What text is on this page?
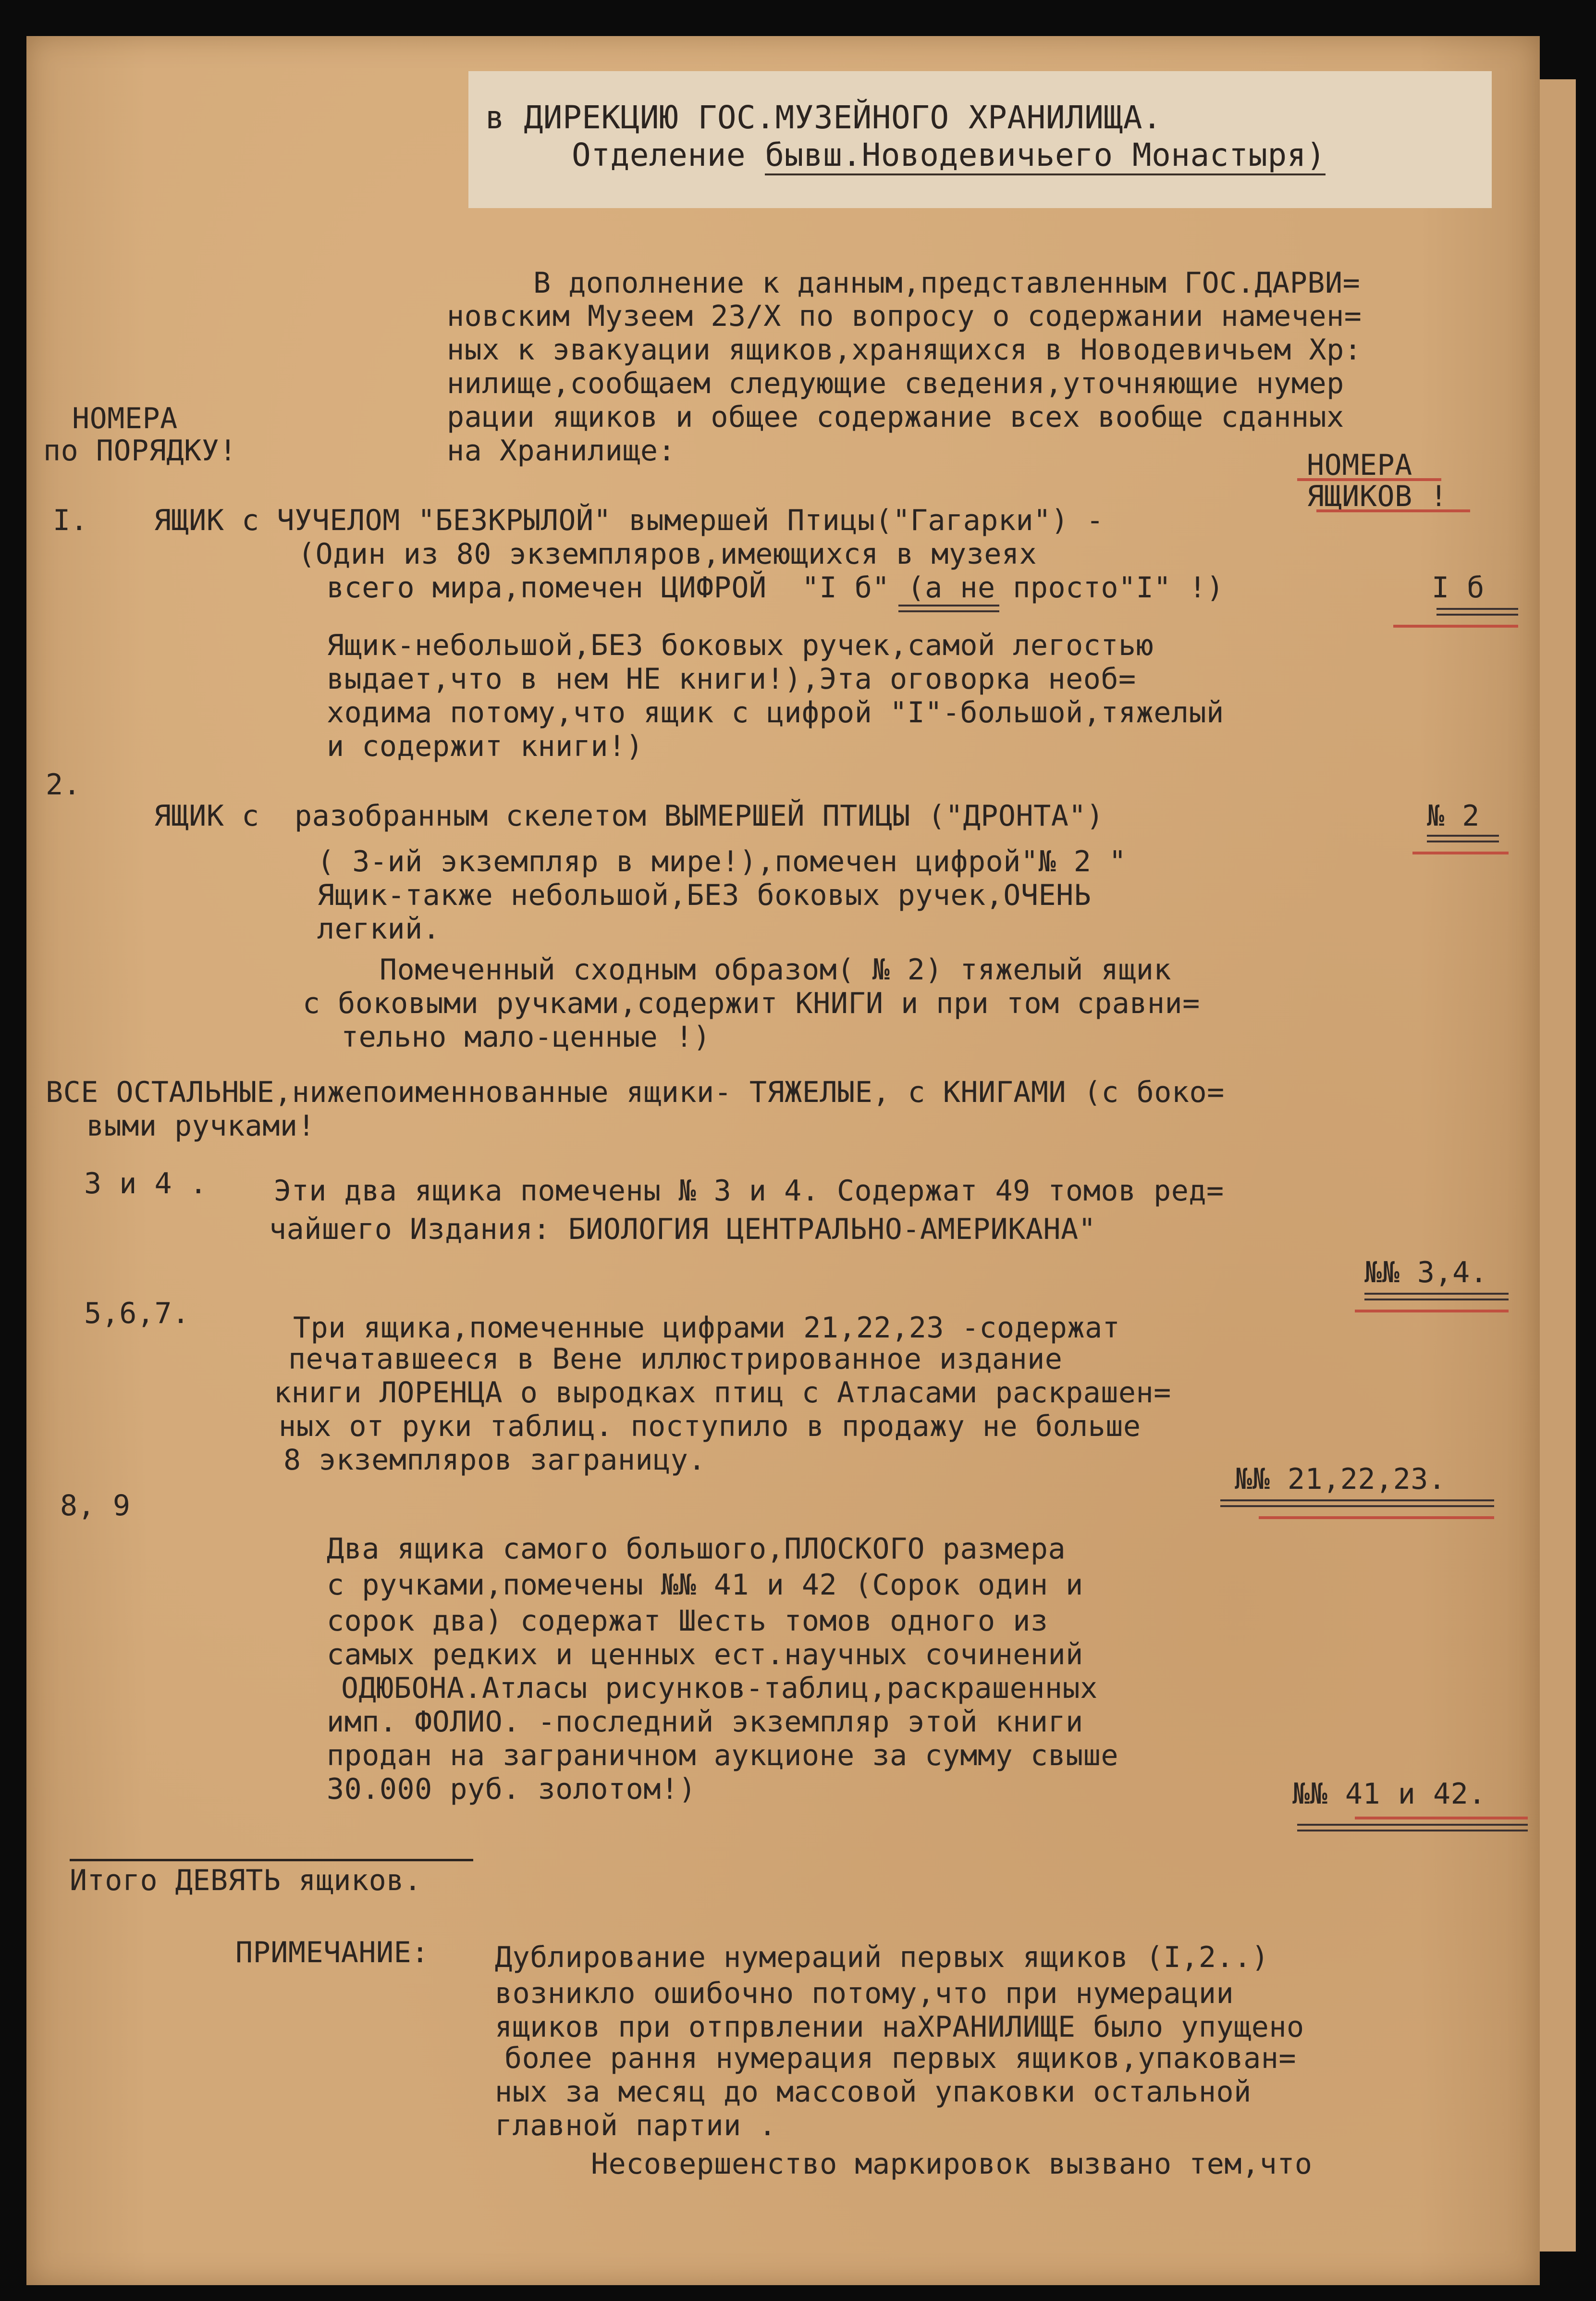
в ДИРЕКЦИЮ ГОС.МУЗЕЙНОГО ХРАНИЛИЩА.
Отделение бывш.Новодевичьего Монастыря)
В дополнение к данным,представленным ГОС.ДАРВИ=
новским Музеем 23/X по вопросу о содержании намечен=
ных к эвакуации ящиков,хранящихся в Новодевичьем Хр:
нилище,сообщаем следующие сведения,уточняющие нумер
рации ящиков и общее содержание всех вообще сданных
на Хранилище:
НОМЕРА
по ПОРЯДКУ!	НОМЕРА
ЯЩИКОВ !
I. ЯЩИК с ЧУЧЕЛОМ "БЕЗКРЫЛОЙ" вымершей Птицы("Гагарки") -
(Один из 80 экземпляров,имеющихся в музеях
всего мира,помечен ЦИФРОЙ  "I б" (а не просто"I" !)	I б
Ящик-небольшой,БЕЗ боковых ручек,самой легостью
выдает,что в нем НЕ книги!),Эта оговорка необ=
ходима потому,что ящик с цифрой "I"-большой,тяжелый
и содержит книги!)
2.
ЯЩИК с  разобранным скелетом ВЫМЕРШЕЙ ПТИЦЫ ("ДРОНТА")
( 3-ий экземпляр в мире!),помечен цифрой"№ 2 "
Ящик-также небольшой,БЕЗ боковых ручек,ОЧЕНЬ
легкий.
Помеченный сходным образом( № 2) тяжелый ящик
с боковыми ручками,содержит КНИГИ и при том сравни=
тельно мало-ценные !)
№ 2
ВСЕ ОСТАЛЬНЫЕ,нижепоименнованные ящики- ТЯЖЕЛЫЕ, с КНИГАМИ (с боко=
выми ручками!
3 и 4 . Эти два ящика помечены № 3 и 4. Содержат 49 томов ред=
чайшего Издания: БИОЛОГИЯ ЦЕНТРАЛЬНО-АМЕРИКАНА"
№№ 3,4.
5,6,7.	Три ящика,помеченные цифрами 21,22,23 -содержат
печатавшееся в Вене иллюстрированное издание
книги ЛОРЕНЦА о выродках птиц с Атласами раскрашен=
ных от руки таблиц. поступило в продажу не больше
8 экземпляров заграницу.
№№ 21,22,23.
8, 9
Два ящика самого большого,ПЛОСКОГО размера
с ручками,помечены №№ 41 и 42 (Сорок один и
сорок два) содержат Шесть томов одного из
самых редких и ценных ест.научных сочинений
ОДЮБОНА.Атласы рисунков-таблиц,раскрашенных
имп. ФОЛИО. -последний экземпляр этой книги
продан на заграничном аукционе за сумму свыше
30.000 руб. золотом!)	№№ 41 и 42.
Итого ДЕВЯТЬ ящиков.
ПРИМЕЧАНИЕ: Дублирование нумераций первых ящиков (I,2..)
возникло ошибочно потому,что при нумерации
ящиков при отпрвлении наХРАНИЛИЩЕ было упущено
более рання нумерация первых ящиков,упакован=
ных за месяц до массовой упаковки остальной
главной партии .
Несовершенство маркировок вызвано тем,что
